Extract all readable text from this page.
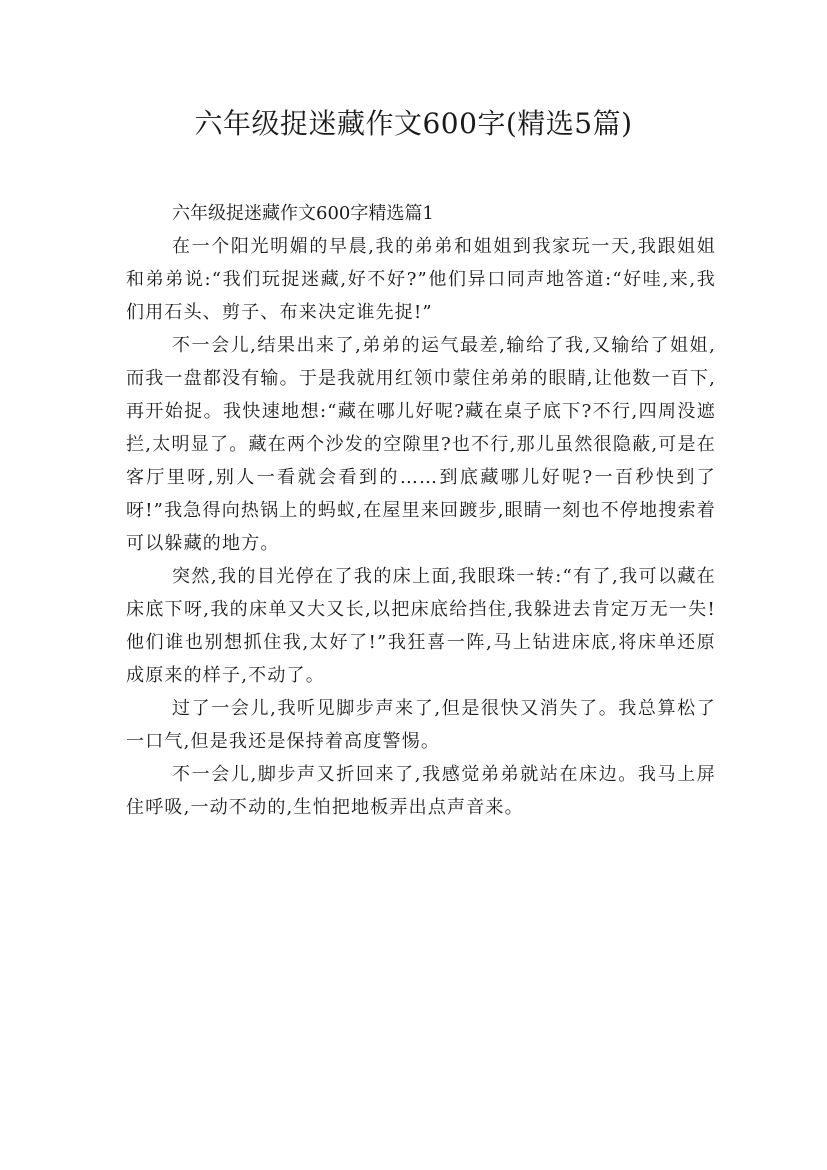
六年级捉迷藏作文600字(精选5篇)

六年级捉迷藏作文600字精选篇1

在一个阳光明媚的早晨,我的弟弟和姐姐到我家玩一天,我跟姐姐和弟弟说:“我们玩捉迷藏,好不好?”他们异口同声地答道:“好哇,来,我们用石头、剪子、布来决定谁先捉!”

不一会儿,结果出来了,弟弟的运气最差,输给了我,又输给了姐姐,而我一盘都没有输。于是我就用红领巾蒙住弟弟的眼睛,让他数一百下,再开始捉。我快速地想:“藏在哪儿好呢?藏在桌子底下?不行,四周没遮拦,太明显了。藏在两个沙发的空隙里?也不行,那儿虽然很隐蔽,可是在客厅里呀,别人一看就会看到的……到底藏哪儿好呢?一百秒快到了呀!”我急得向热锅上的蚂蚁,在屋里来回踱步,眼睛一刻也不停地搜索着可以躲藏的地方。

突然,我的目光停在了我的床上面,我眼珠一转:“有了,我可以藏在床底下呀,我的床单又大又长,以把床底给挡住,我躲进去肯定万无一失!他们谁也别想抓住我,太好了!”我狂喜一阵,马上钻进床底,将床单还原成原来的样子,不动了。

过了一会儿,我听见脚步声来了,但是很快又消失了。我总算松了一口气,但是我还是保持着高度警惕。

不一会儿,脚步声又折回来了,我感觉弟弟就站在床边。我马上屏住呼吸,一动不动的,生怕把地板弄出点声音来。
